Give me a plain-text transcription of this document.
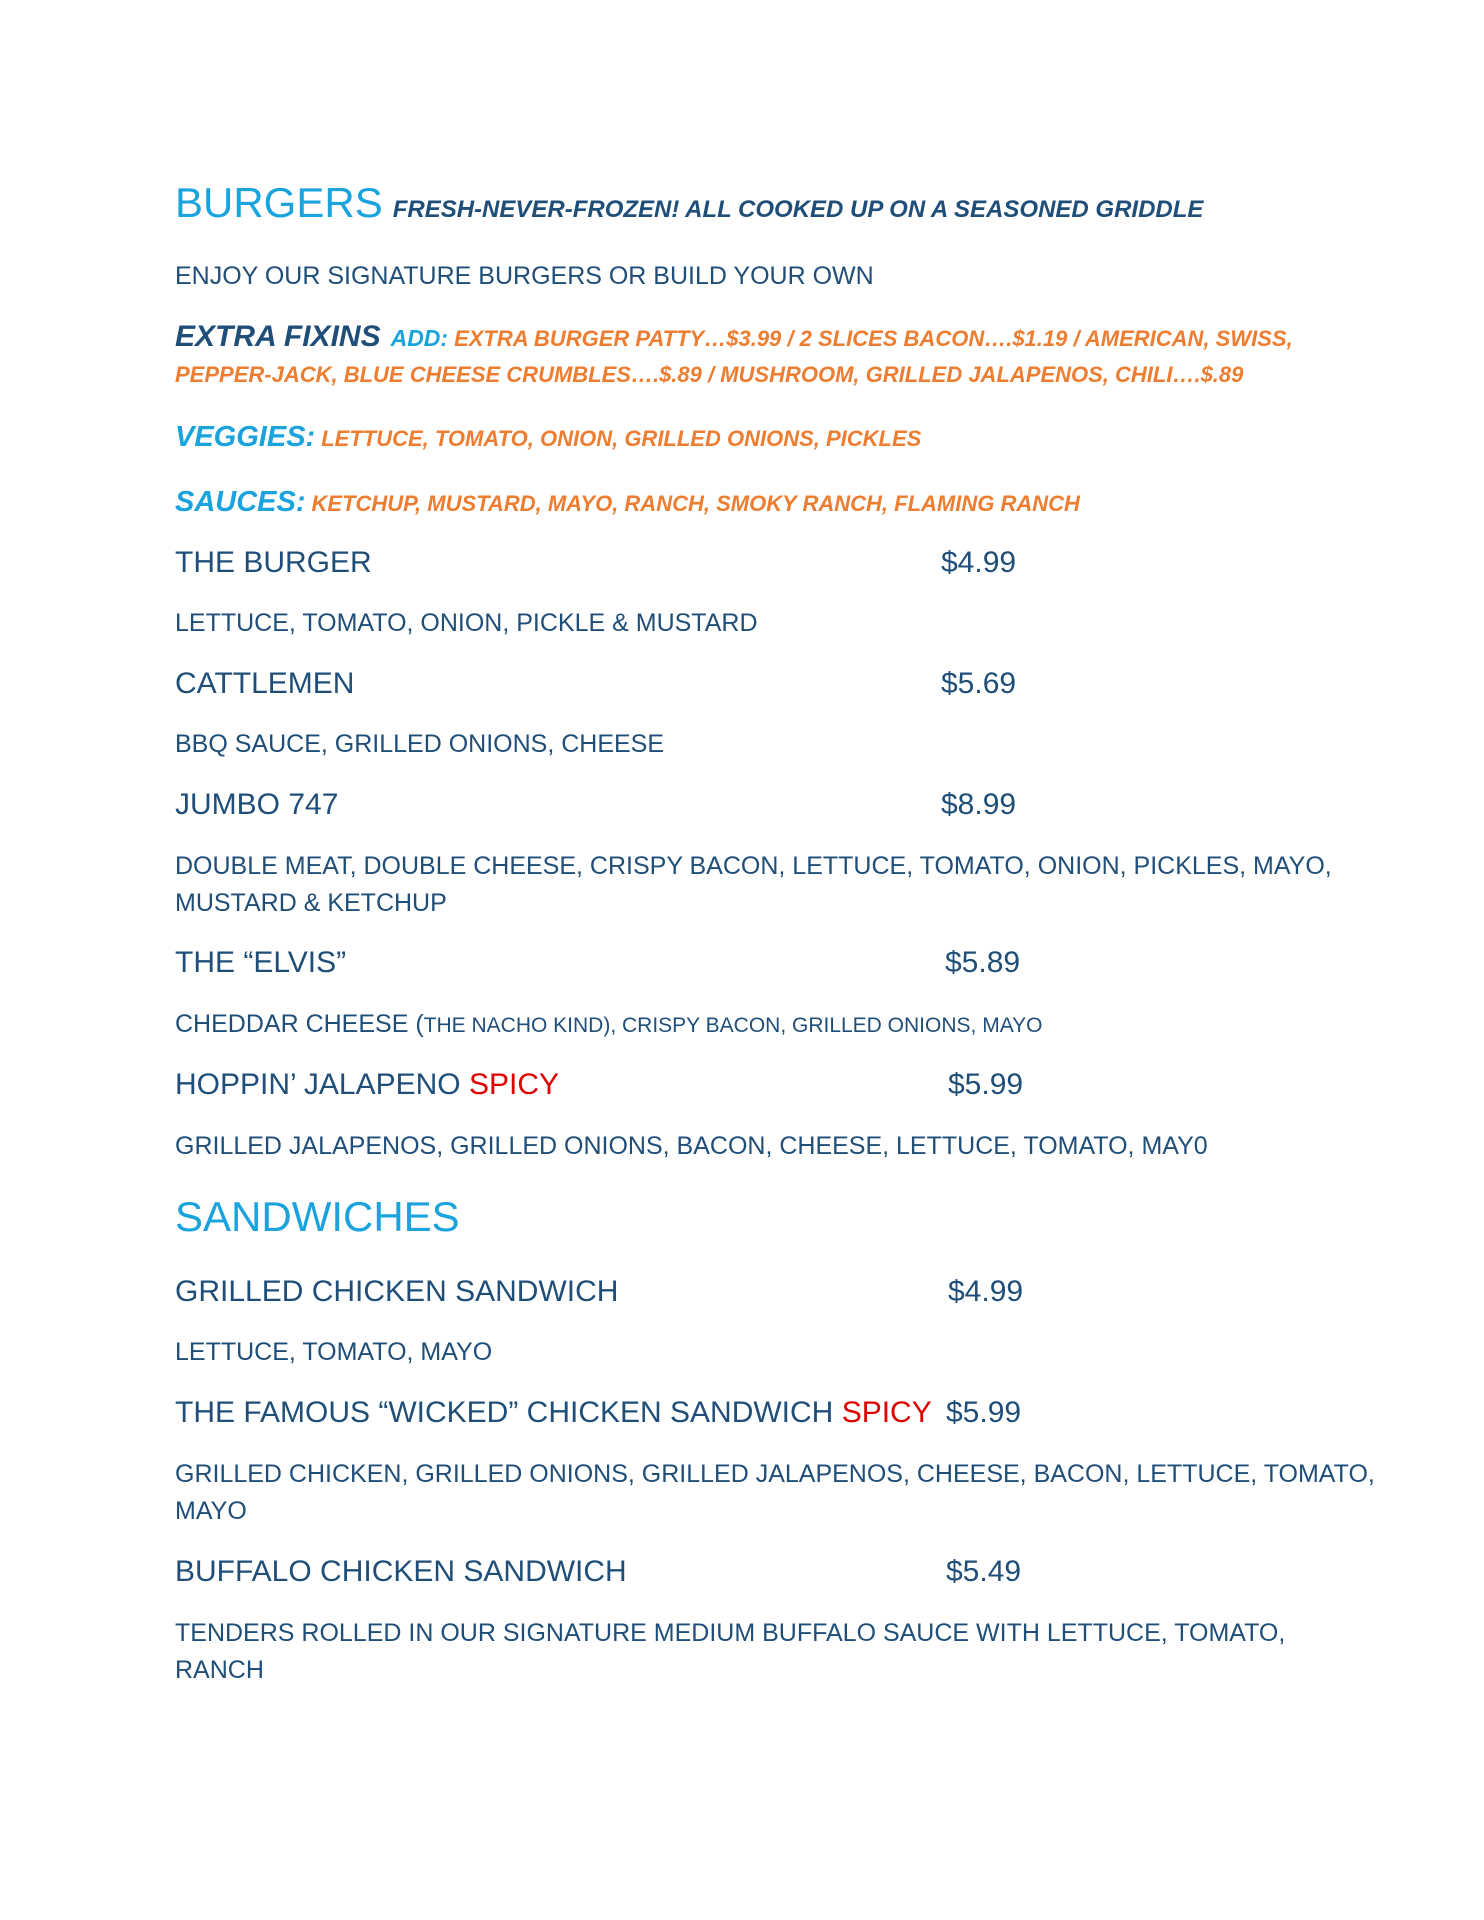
BURGERS FRESH-NEVER-FROZEN! ALL COOKED UP ON A SEASONED GRIDDLE
ENJOY OUR SIGNATURE BURGERS OR BUILD YOUR OWN
EXTRA FIXINS ADD: EXTRA BURGER PATTY…$3.99 / 2 SLICES BACON….$1.19 / AMERICAN, SWISS,
PEPPER-JACK, BLUE CHEESE CRUMBLES….$.89 / MUSHROOM, GRILLED JALAPENOS, CHILI….$.89
VEGGIES: LETTUCE, TOMATO, ONION, GRILLED ONIONS, PICKLES
SAUCES: KETCHUP, MUSTARD, MAYO, RANCH, SMOKY RANCH, FLAMING RANCH
THE BURGER	$4.99
LETTUCE, TOMATO, ONION, PICKLE & MUSTARD
CATTLEMEN	$5.69
BBQ SAUCE, GRILLED ONIONS, CHEESE
JUMBO 747	$8.99
DOUBLE MEAT, DOUBLE CHEESE, CRISPY BACON, LETTUCE, TOMATO, ONION, PICKLES, MAYO,
MUSTARD & KETCHUP
THE “ELVIS”	$5.89
CHEDDAR CHEESE (THE NACHO KIND), CRISPY BACON, GRILLED ONIONS, MAYO
HOPPIN’ JALAPENO SPICY	$5.99
GRILLED JALAPENOS, GRILLED ONIONS, BACON, CHEESE, LETTUCE, TOMATO, MAY0
SANDWICHES
GRILLED CHICKEN SANDWICH	$4.99
LETTUCE, TOMATO, MAYO
THE FAMOUS “WICKED” CHICKEN SANDWICH SPICY $5.99
GRILLED CHICKEN, GRILLED ONIONS, GRILLED JALAPENOS, CHEESE, BACON, LETTUCE, TOMATO,
MAYO
BUFFALO CHICKEN SANDWICH	$5.49
TENDERS ROLLED IN OUR SIGNATURE MEDIUM BUFFALO SAUCE WITH LETTUCE, TOMATO,
RANCH
